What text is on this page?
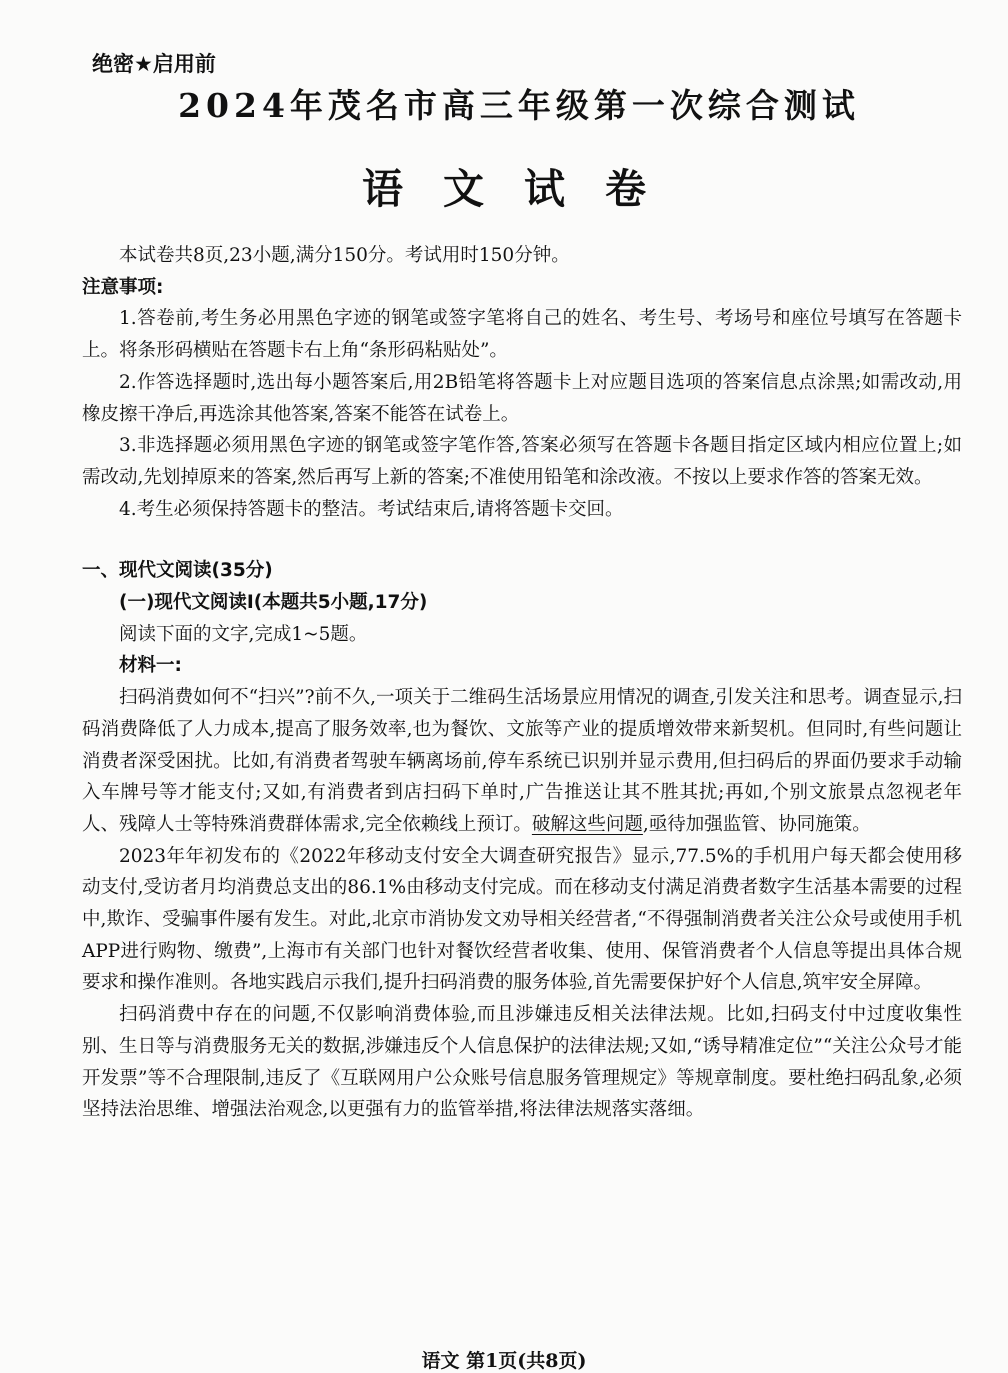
绝密★启用前
2024年茂名市高三年级第一次综合测试
语文试卷

本试卷共8页,23小题,满分150分。考试用时150分钟。

注意事项:

1.答卷前,考生务必用黑色字迹的钢笔或签字笔将自己的姓名、考生号、考场号和座位号填写在答题卡上。将条形码横贴在答题卡右上角“条形码粘贴处”。

2.作答选择题时,选出每小题答案后,用2B铅笔将答题卡上对应题目选项的答案信息点涂黑;如需改动,用橡皮擦干净后,再选涂其他答案,答案不能答在试卷上。

3.非选择题必须用黑色字迹的钢笔或签字笔作答,答案必须写在答题卡各题目指定区域内相应位置上;如需改动,先划掉原来的答案,然后再写上新的答案;不准使用铅笔和涂改液。不按以上要求作答的答案无效。

4.考生必须保持答题卡的整洁。考试结束后,请将答题卡交回。

一、现代文阅读(35分)

(一)现代文阅读Ⅰ(本题共5小题,17分)

阅读下面的文字,完成1~5题。

材料一:

扫码消费如何不“扫兴”?前不久,一项关于二维码生活场景应用情况的调查,引发关注和思考。调查显示,扫码消费降低了人力成本,提高了服务效率,也为餐饮、文旅等产业的提质增效带来新契机。但同时,有些问题让消费者深受困扰。比如,有消费者驾驶车辆离场前,停车系统已识别并显示费用,但扫码后的界面仍要求手动输入车牌号等才能支付;又如,有消费者到店扫码下单时,广告推送让其不胜其扰;再如,个别文旅景点忽视老年人、残障人士等特殊消费群体需求,完全依赖线上预订。破解这些问题,亟待加强监管、协同施策。

2023年年初发布的《2022年移动支付安全大调查研究报告》显示,77.5%的手机用户每天都会使用移动支付,受访者月均消费总支出的86.1%由移动支付完成。而在移动支付满足消费者数字生活基本需要的过程中,欺诈、受骗事件屡有发生。对此,北京市消协发文劝导相关经营者,“不得强制消费者关注公众号或使用手机APP进行购物、缴费”,上海市有关部门也针对餐饮经营者收集、使用、保管消费者个人信息等提出具体合规要求和操作准则。各地实践启示我们,提升扫码消费的服务体验,首先需要保护好个人信息,筑牢安全屏障。

扫码消费中存在的问题,不仅影响消费体验,而且涉嫌违反相关法律法规。比如,扫码支付中过度收集性别、生日等与消费服务无关的数据,涉嫌违反个人信息保护的法律法规;又如,“诱导精准定位”“关注公众号才能开发票”等不合理限制,违反了《互联网用户公众账号信息服务管理规定》等规章制度。要杜绝扫码乱象,必须坚持法治思维、增强法治观念,以更强有力的监管举措,将法律法规落实落细。

语文 第1页(共8页)
